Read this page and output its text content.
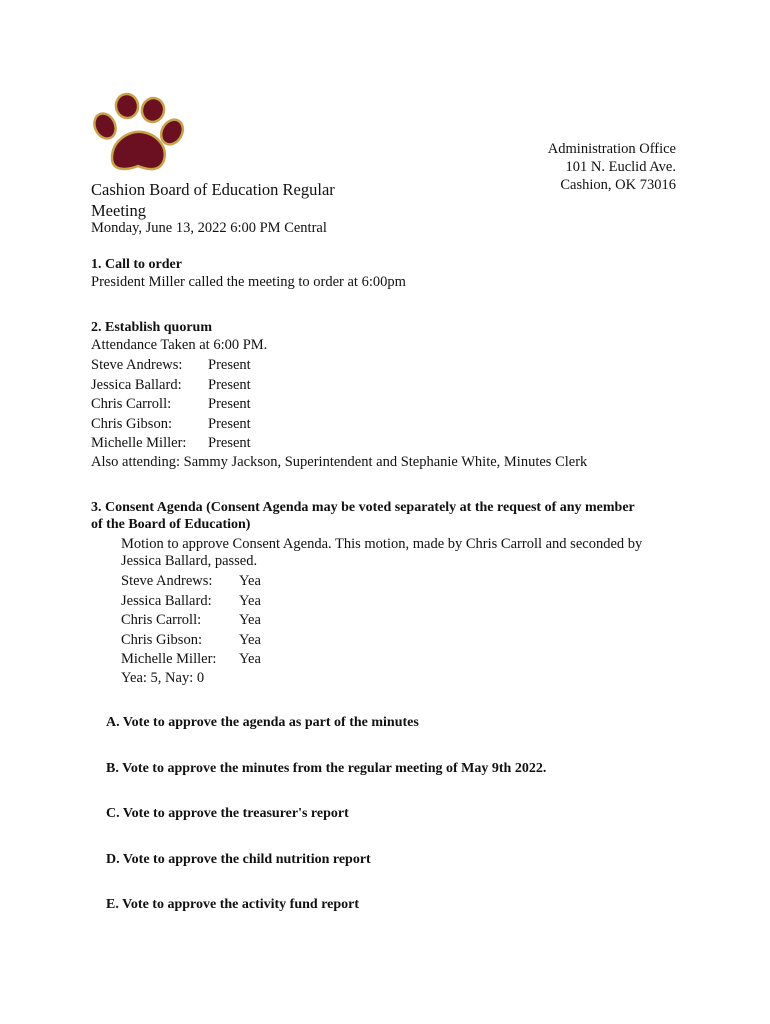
Administration Office
101 N. Euclid Ave.
Cashion, OK 73016
Cashion Board of Education Regular Meeting
Monday, June 13, 2022 6:00 PM Central
1. Call to order
President Miller called the meeting to order at 6:00pm
2. Establish quorum
Attendance Taken at 6:00 PM.
Steve Andrews:	Present
Jessica Ballard:	Present
Chris Carroll:	Present
Chris Gibson:	Present
Michelle Miller:	Present
Also attending: Sammy Jackson, Superintendent and Stephanie White, Minutes Clerk
3. Consent Agenda (Consent Agenda may be voted separately at the request of any member
of the Board of Education)
Motion to approve Consent Agenda. This motion, made by Chris Carroll and seconded by
Jessica Ballard, passed.
Steve Andrews:	Yea
Jessica Ballard:	Yea
Chris Carroll:	Yea
Chris Gibson:	Yea
Michelle Miller:	Yea
Yea: 5, Nay: 0
A. Vote to approve the agenda as part of the minutes
B. Vote to approve the minutes from the regular meeting of May 9th 2022.
C. Vote to approve the treasurer's report
D. Vote to approve the child nutrition report
E. Vote to approve the activity fund report
